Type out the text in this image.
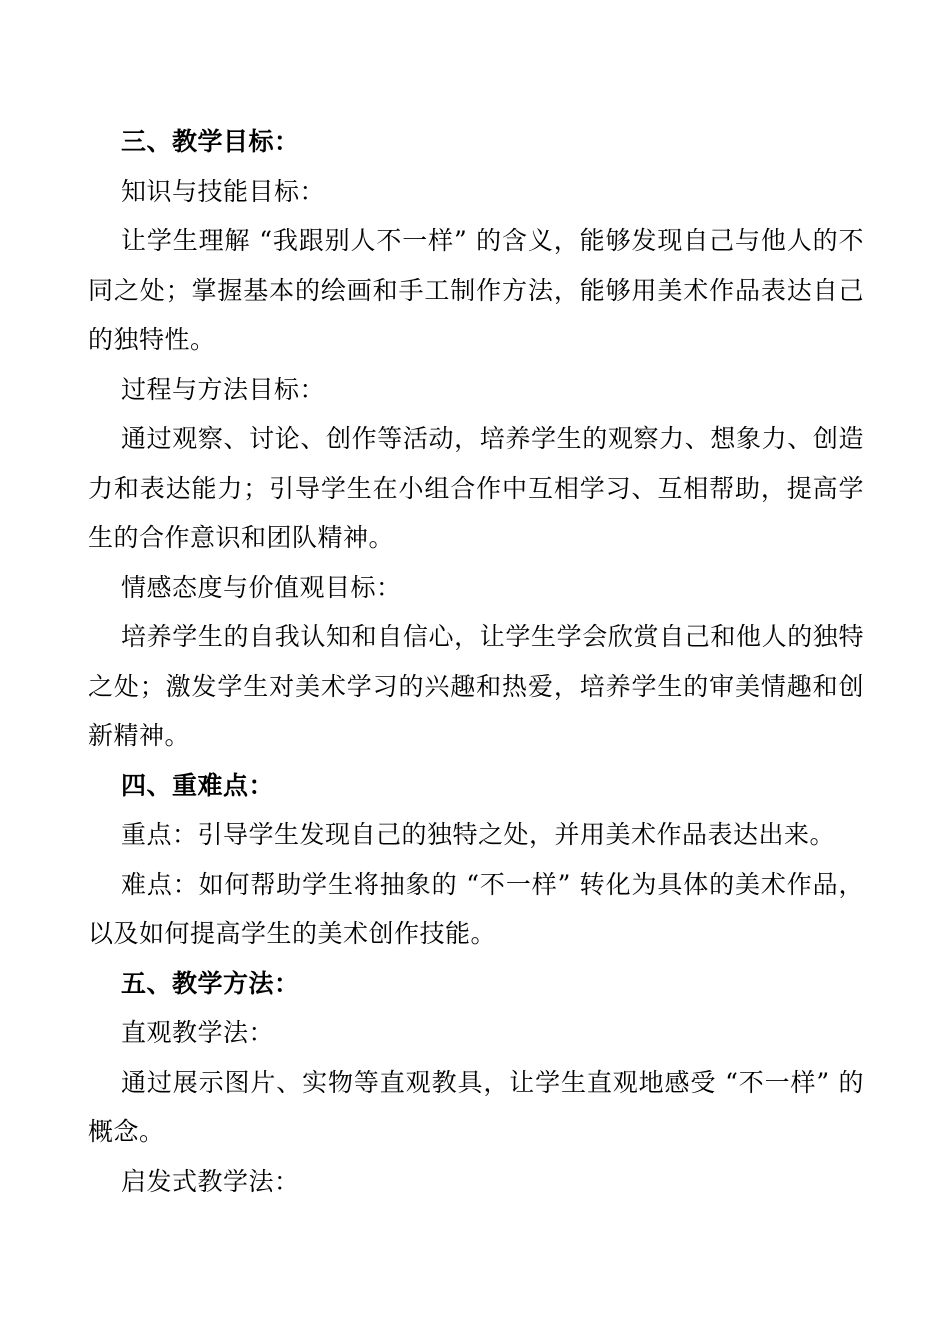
三、教学目标：

知识与技能目标：

让学生理解 “我跟别人不一样” 的含义，能够发现自己与他人的不同之处；掌握基本的绘画和手工制作方法，能够用美术作品表达自己的独特性。

过程与方法目标：

通过观察、讨论、创作等活动，培养学生的观察力、想象力、创造力和表达能力；引导学生在小组合作中互相学习、互相帮助，提高学生的合作意识和团队精神。

情感态度与价值观目标：

培养学生的自我认知和自信心，让学生学会欣赏自己和他人的独特之处；激发学生对美术学习的兴趣和热爱，培养学生的审美情趣和创新精神。

四、重难点：

重点：引导学生发现自己的独特之处，并用美术作品表达出来。

难点：如何帮助学生将抽象的 “不一样” 转化为具体的美术作品，以及如何提高学生的美术创作技能。

五、教学方法：

直观教学法：

通过展示图片、实物等直观教具，让学生直观地感受 “不一样” 的概念。

启发式教学法：
